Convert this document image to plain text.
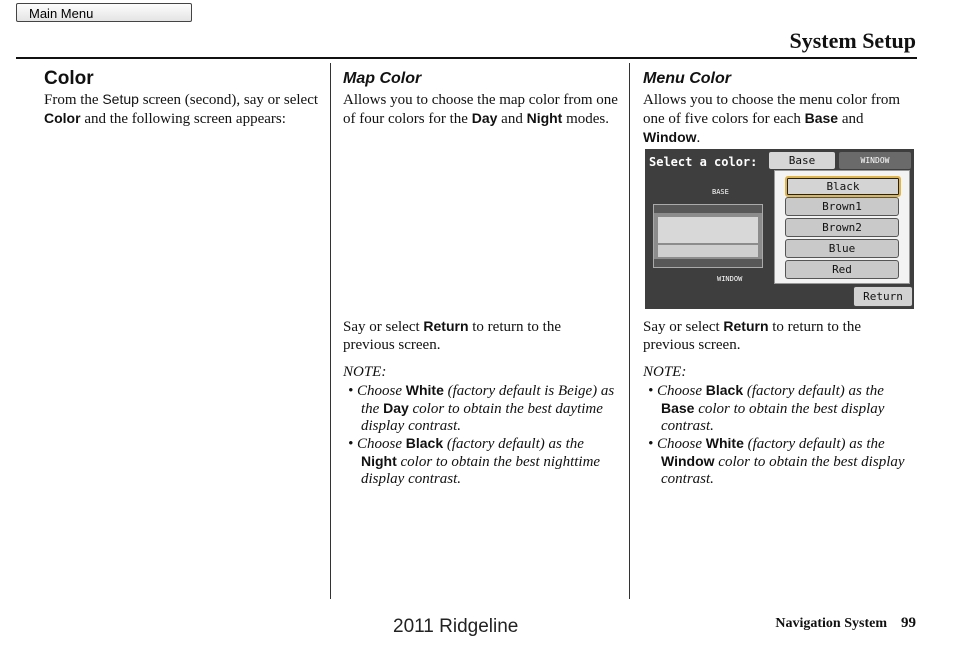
Main Menu
System Setup
Color
From the Setup screen (second), say or select Color and the following screen appears:
Map Color
Allows you to choose the map color from one of four colors for the Day and Night modes.
Say or select Return to return to the previous screen.
NOTE:
• Choose White (factory default is Beige) as the Day color to obtain the best daytime display contrast.
• Choose Black (factory default) as the Night color to obtain the best nighttime display contrast.
Menu Color
Allows you to choose the menu color from one of five colors for each Base and Window.
Select a color:
BASE
WINDOW
Base	WINDOW
Black
Brown1
Brown2
Blue
Red
Return
Say or select Return to return to the previous screen.
NOTE:
• Choose Black (factory default) as the Base color to obtain the best display contrast.
• Choose White (factory default) as the Window color to obtain the best display contrast.
Navigation System 99
2011 Ridgeline
